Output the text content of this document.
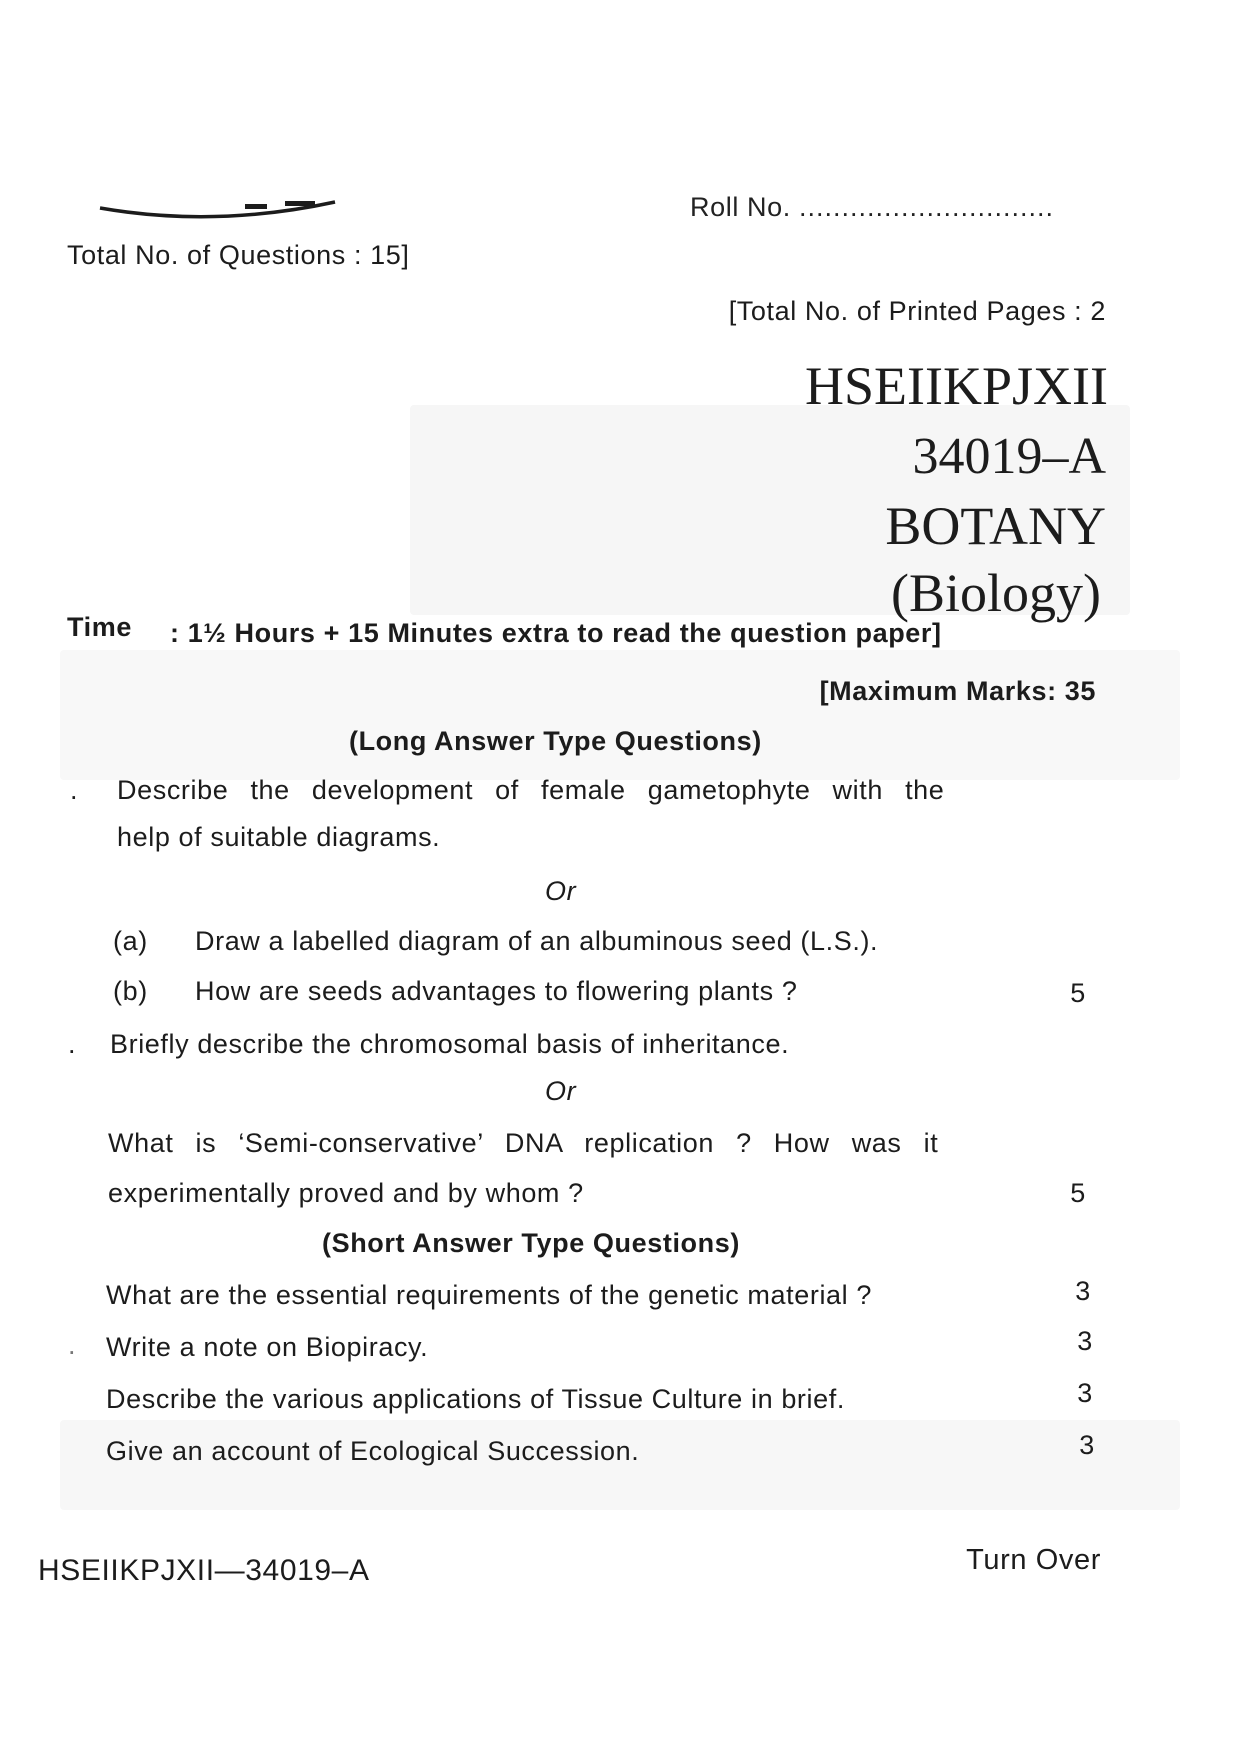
Roll No. ..............................
Total No. of Questions : 15]
[Total No. of Printed Pages : 2
HSEIIKPJXII
34019–A
BOTANY
(Biology)
Time : 1½ Hours + 15 Minutes extra to read the question paper]
[Maximum Marks: 35
(Long Answer Type Questions)
. Describe the development of female gametophyte with the
help of suitable diagrams.
Or
(a) Draw a labelled diagram of an albuminous seed (L.S.).
(b) How are seeds advantages to flowering plants ?	5
. Briefly describe the chromosomal basis of inheritance.
Or
What is ‘Semi-conservative’ DNA replication ? How was it
experimentally proved and by whom ?	5
(Short Answer Type Questions)
What are the essential requirements of the genetic material ?	3
. Write a note on Biopiracy.	3
Describe the various applications of Tissue Culture in brief.	3
Give an account of Ecological Succession.	3
HSEIIKPJXII—34019–A	Turn Over
